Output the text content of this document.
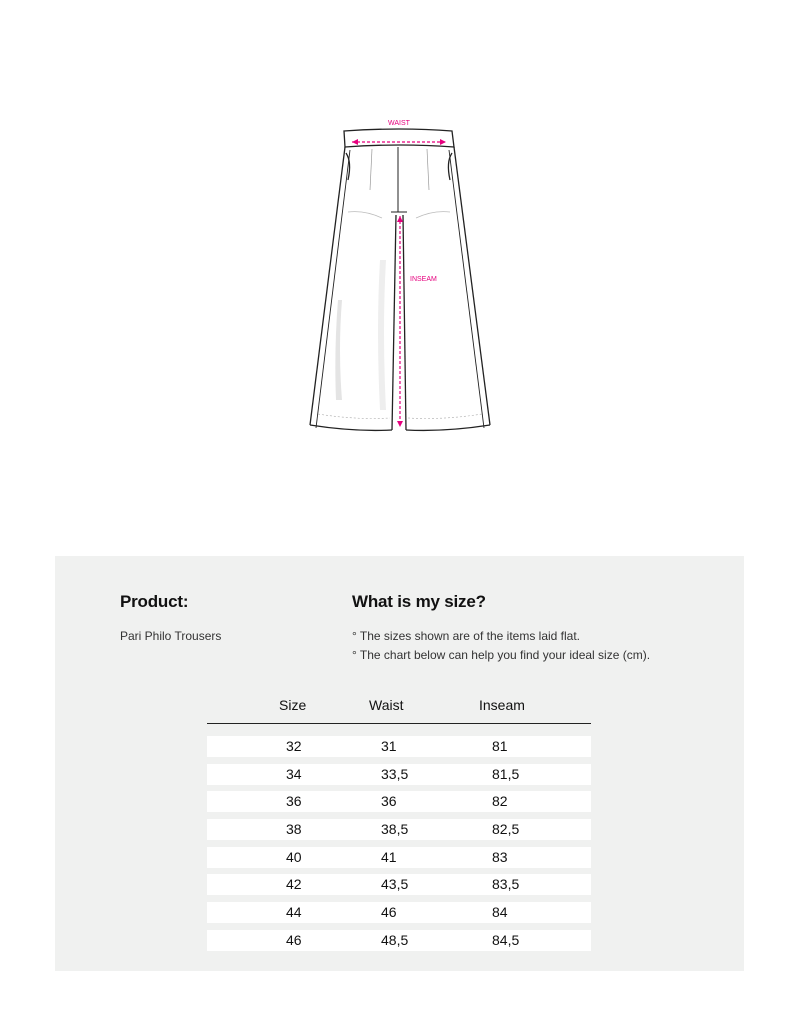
WAIST
INSEAM
Product:
Pari Philo Trousers
What is my size?
° The sizes shown are of the items laid flat.
° The chart below can help you find your ideal size (cm).
Size	Waist	Inseam
32	31	81
34	33,5	81,5
36	36	82
38	38,5	82,5
40	41	83
42	43,5	83,5
44	46	84
46	48,5	84,5
